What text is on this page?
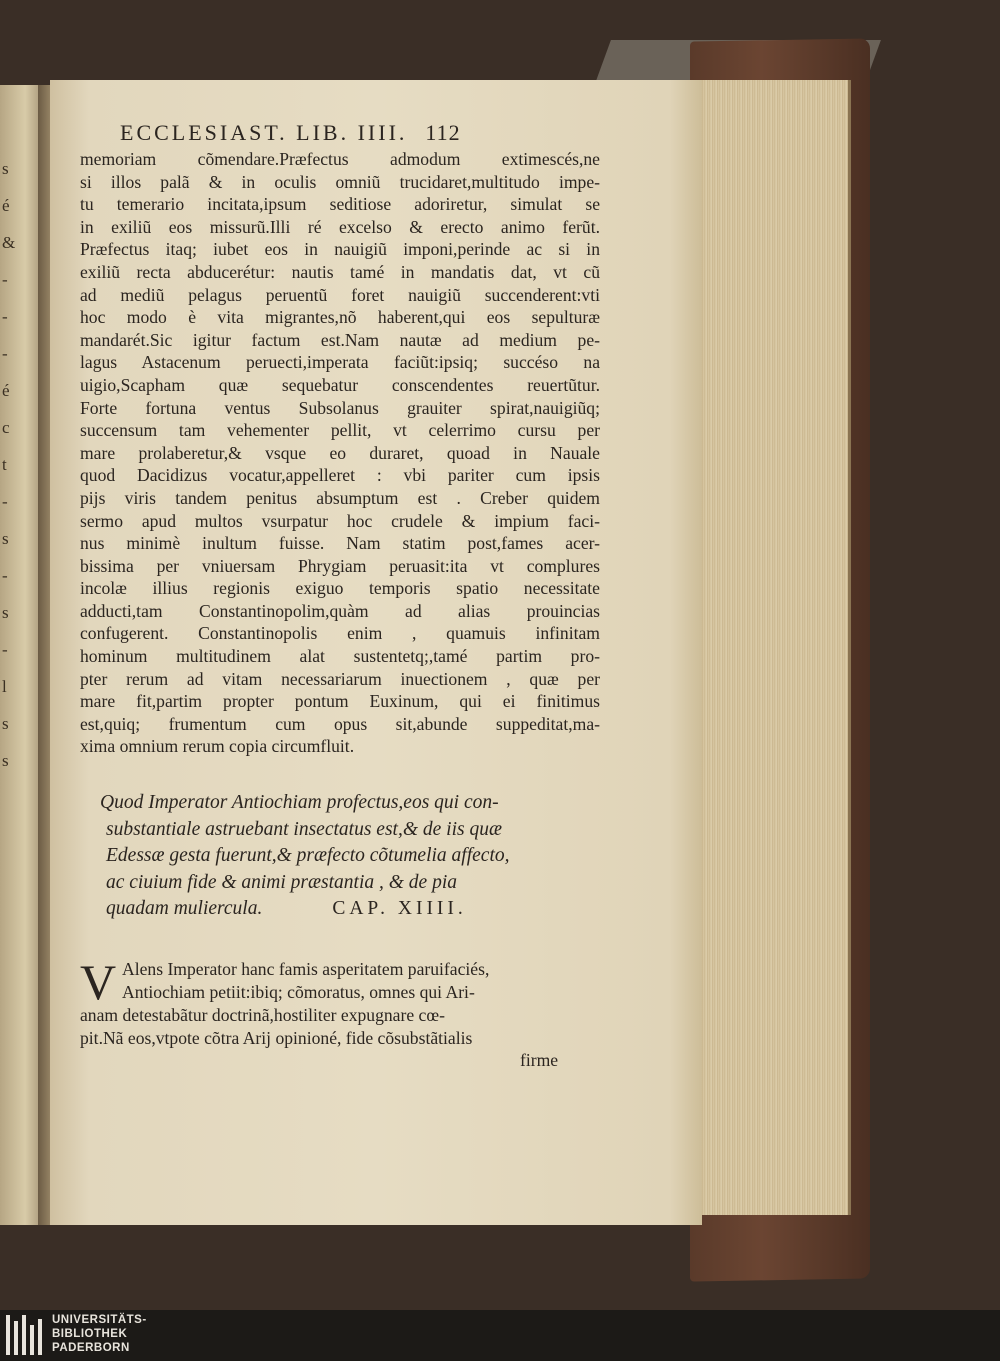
s
é
&
-
-
-
é
c
t
-
s
-
s
-
l
s
s
ECCLESIAST. LIB. IIII. 112
memoriam cõmendare.Præfectus admodum extimescés,ne
si illos palã & in oculis omniũ trucidaret,multitudo impe-
tu temerario incitata,ipsum seditiose adoriretur, simulat se
in exiliũ eos missurũ.Illi ré excelso & erecto animo ferũt.
Præfectus itaq; iubet eos in nauigiũ imponi,perinde ac si in
exiliũ recta abducerétur: nautis tamé in mandatis dat, vt cũ
ad mediũ pelagus peruentũ foret nauigiũ succenderent:vti
hoc modo è vita migrantes,nõ haberent,qui eos sepulturæ
mandarét.Sic igitur factum est.Nam nautæ ad medium pe-
lagus Astacenum peruecti,imperata faciũt:ipsiq; succéso na
uigio,Scapham quæ sequebatur conscendentes reuertũtur.
Forte fortuna ventus Subsolanus grauiter spirat,nauigiũq;
succensum tam vehementer pellit, vt celerrimo cursu per
mare prolaberetur,& vsque eo duraret, quoad in Nauale
quod Dacidizus vocatur,appelleret : vbi pariter cum ipsis
pijs viris tandem penitus absumptum est . Creber quidem
sermo apud multos vsurpatur hoc crudele & impium faci-
nus minimè inultum fuisse. Nam statim post,fames acer-
bissima per vniuersam Phrygiam peruasit:ita vt complures
incolæ illius regionis exiguo temporis spatio necessitate
adducti,tam Constantinopolim,quàm ad alias prouincias
confugerent. Constantinopolis enim , quamuis infinitam
hominum multitudinem alat sustentetq;,tamé partim pro-
pter rerum ad vitam necessariarum inuectionem , quæ per
mare fit,partim propter pontum Euxinum, qui ei finitimus
est,quiq; frumentum cum opus sit,abunde suppeditat,ma-
xima omnium rerum copia circumfluit.
Quod Imperator Antiochiam profectus,eos qui con-
substantiale astruebant insectatus est,& de iis quæ
Edessæ gesta fuerunt,& præfecto cõtumelia affecto,
ac ciuium fide & animi præstantia , & de pia
quadam muliercula.	CAP. XIIII.
V Alens Imperator hanc famis asperitatem paruifaciés,
Antiochiam petiit:ibiq; cõmoratus, omnes qui Ari-
anam detestabãtur doctrinã,hostiliter expugnare cœ-
pit.Nã eos,vtpote cõtra Arij opinioné, fide cõsubstãtialis
firme
UNIVERSITÄTS-
BIBLIOTHEK
PADERBORN
